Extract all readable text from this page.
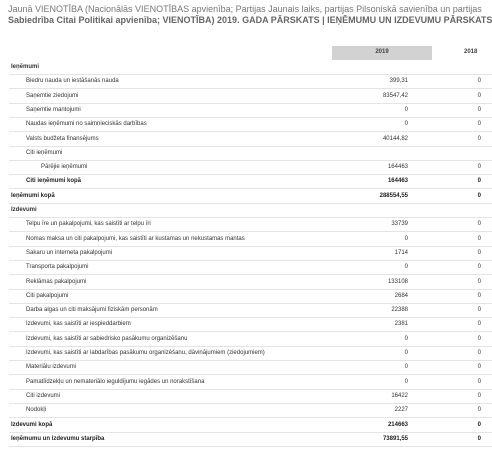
Jaunā VIENOTĪBA (Nacionālās VIENOTĪBAS apvienība; Partijas Jaunais laiks, partijas Pilsoniskā savienība un partijas
Sabiedrība Citai Politikai apvienība; VIENOTĪBA) 2019. GADA PĀRSKATS | IEŅĒMUMU UN IZDEVUMU PĀRSKATS
2019	2018
Ieņēmumi
Biedru nauda un iestāšanās nauda	399,31	0
Saņemtie ziedojumi	83547,42	0
Saņemtie mantojumi	0	0
Naudas ieņēmumi no saimnieciskās darbības	0	0
Valsts budžeta finansējums	40144,82	0
Citi ieņēmumi
Pārējie ieņēmumi	164463	0
Citi ieņēmumi kopā	164463	0
Ieņēmumi kopā	288554,55	0
Izdevumi
Telpu īre un pakalpojumi, kas saistīti ar telpu īri	33739	0
Nomas maksa un citi pakalpojumi, kas saistīti ar kustamas un nekustamas mantas	0	0
Sakaru un interneta pakalpojumi	1714	0
Transporta pakalpojumi	0	0
Reklāmas pakalpojumi	133108	0
Citi pakalpojumi	2684	0
Darba algas un citi maksājumi fiziskām personām	22388	0
Izdevumi, kas saistīti ar iespieddarbiem	2381	0
Izdevumi, kas saistīti ar sabiedrisko pasākumu organizēšanu	0	0
Izdevumi, kas saistīti ar labdarības pasākumu organizēšanu, dāvinājumiem (ziedojumiem)	0	0
Materiālu izdevumi	0	0
Pamatlīdzekļu un nemateriālo ieguldījumu iegādes un norakstīšana	0	0
Citi izdevumi	16422	0
Nodokļi	2227	0
Izdevumi kopā	214663	0
Ieņēmumu un izdevumu starpība	73891,55	0
